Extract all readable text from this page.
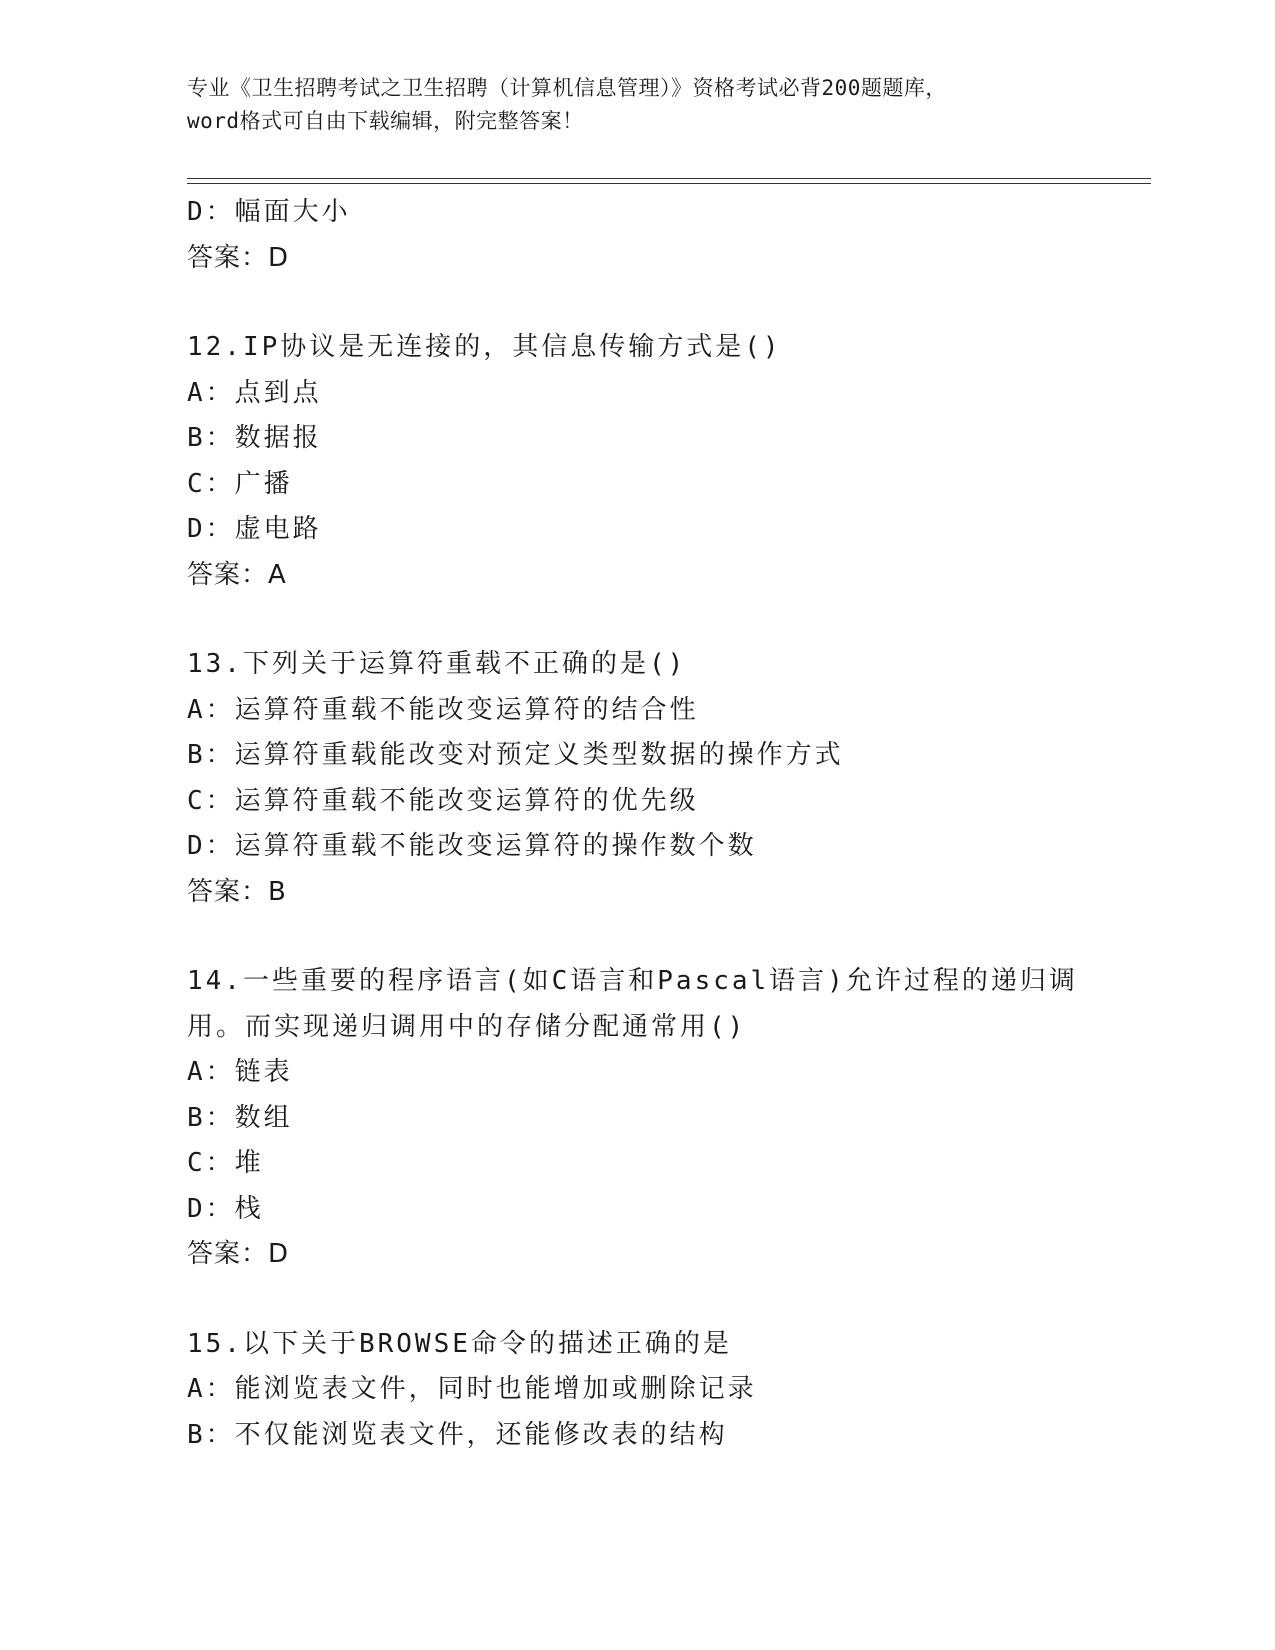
专业《卫生招聘考试之卫生招聘（计算机信息管理）》资格考试必背200题题库，
word格式可自由下载编辑，附完整答案！
D：幅面大小
答案：D
12.IP协议是无连接的，其信息传输方式是()
A：点到点
B：数据报
C：广播
D：虚电路
答案：A
13.下列关于运算符重载不正确的是()
A：运算符重载不能改变运算符的结合性
B：运算符重载能改变对预定义类型数据的操作方式
C：运算符重载不能改变运算符的优先级
D：运算符重载不能改变运算符的操作数个数
答案：B
14.一些重要的程序语言(如C语言和Pascal语言)允许过程的递归调
用。而实现递归调用中的存储分配通常用()
A：链表
B：数组
C：堆
D：栈
答案：D
15.以下关于BROWSE命令的描述正确的是
A：能浏览表文件，同时也能增加或删除记录
B：不仅能浏览表文件，还能修改表的结构
